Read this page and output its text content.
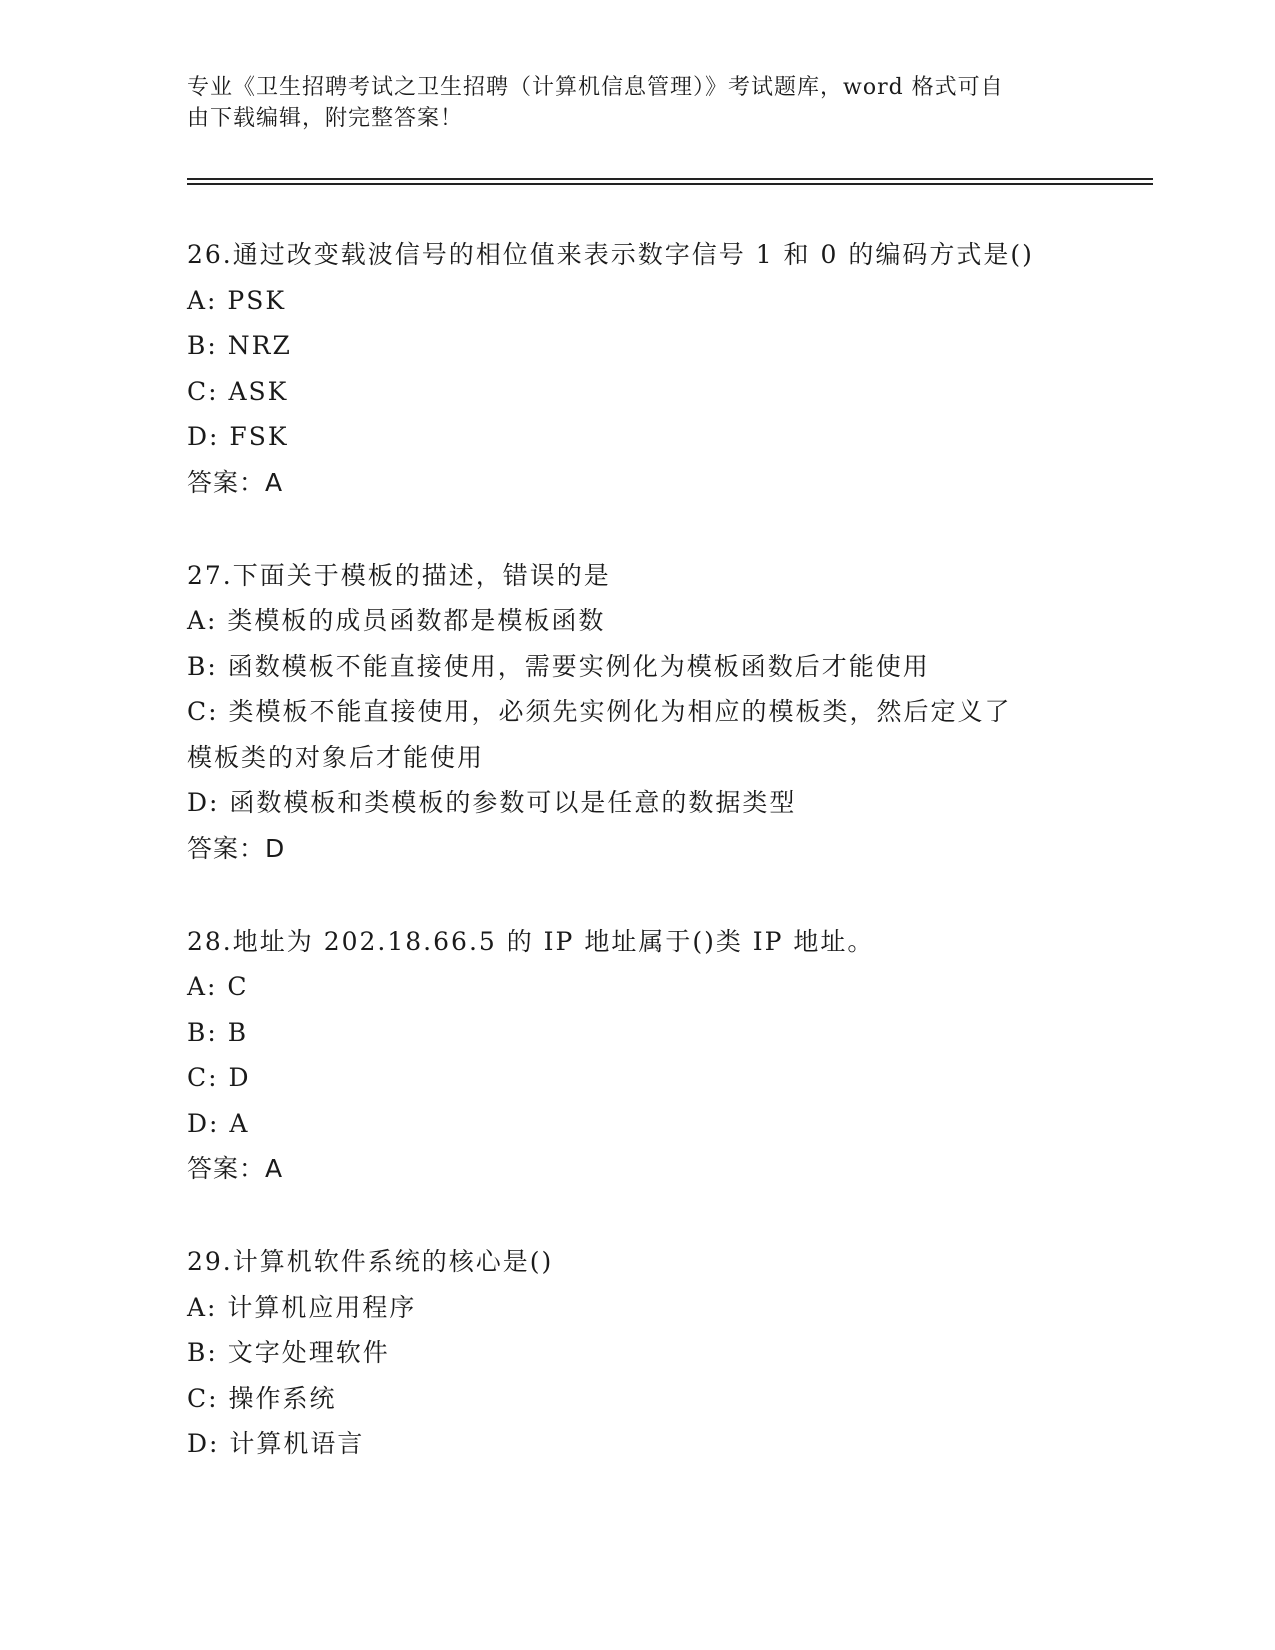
专业《卫生招聘考试之卫生招聘（计算机信息管理）》考试题库，word 格式可自
由下载编辑，附完整答案！
26.通过改变载波信号的相位值来表示数字信号 1 和 0 的编码方式是()
A: PSK
B: NRZ
C: ASK
D: FSK
答案：A
27.下面关于模板的描述，错误的是
A: 类模板的成员函数都是模板函数
B: 函数模板不能直接使用，需要实例化为模板函数后才能使用
C: 类模板不能直接使用，必须先实例化为相应的模板类，然后定义了
模板类的对象后才能使用
D: 函数模板和类模板的参数可以是任意的数据类型
答案：D
28.地址为 202.18.66.5 的 IP 地址属于()类 IP 地址。
A: C
B: B
C: D
D: A
答案：A
29.计算机软件系统的核心是()
A: 计算机应用程序
B: 文字处理软件
C: 操作系统
D: 计算机语言
